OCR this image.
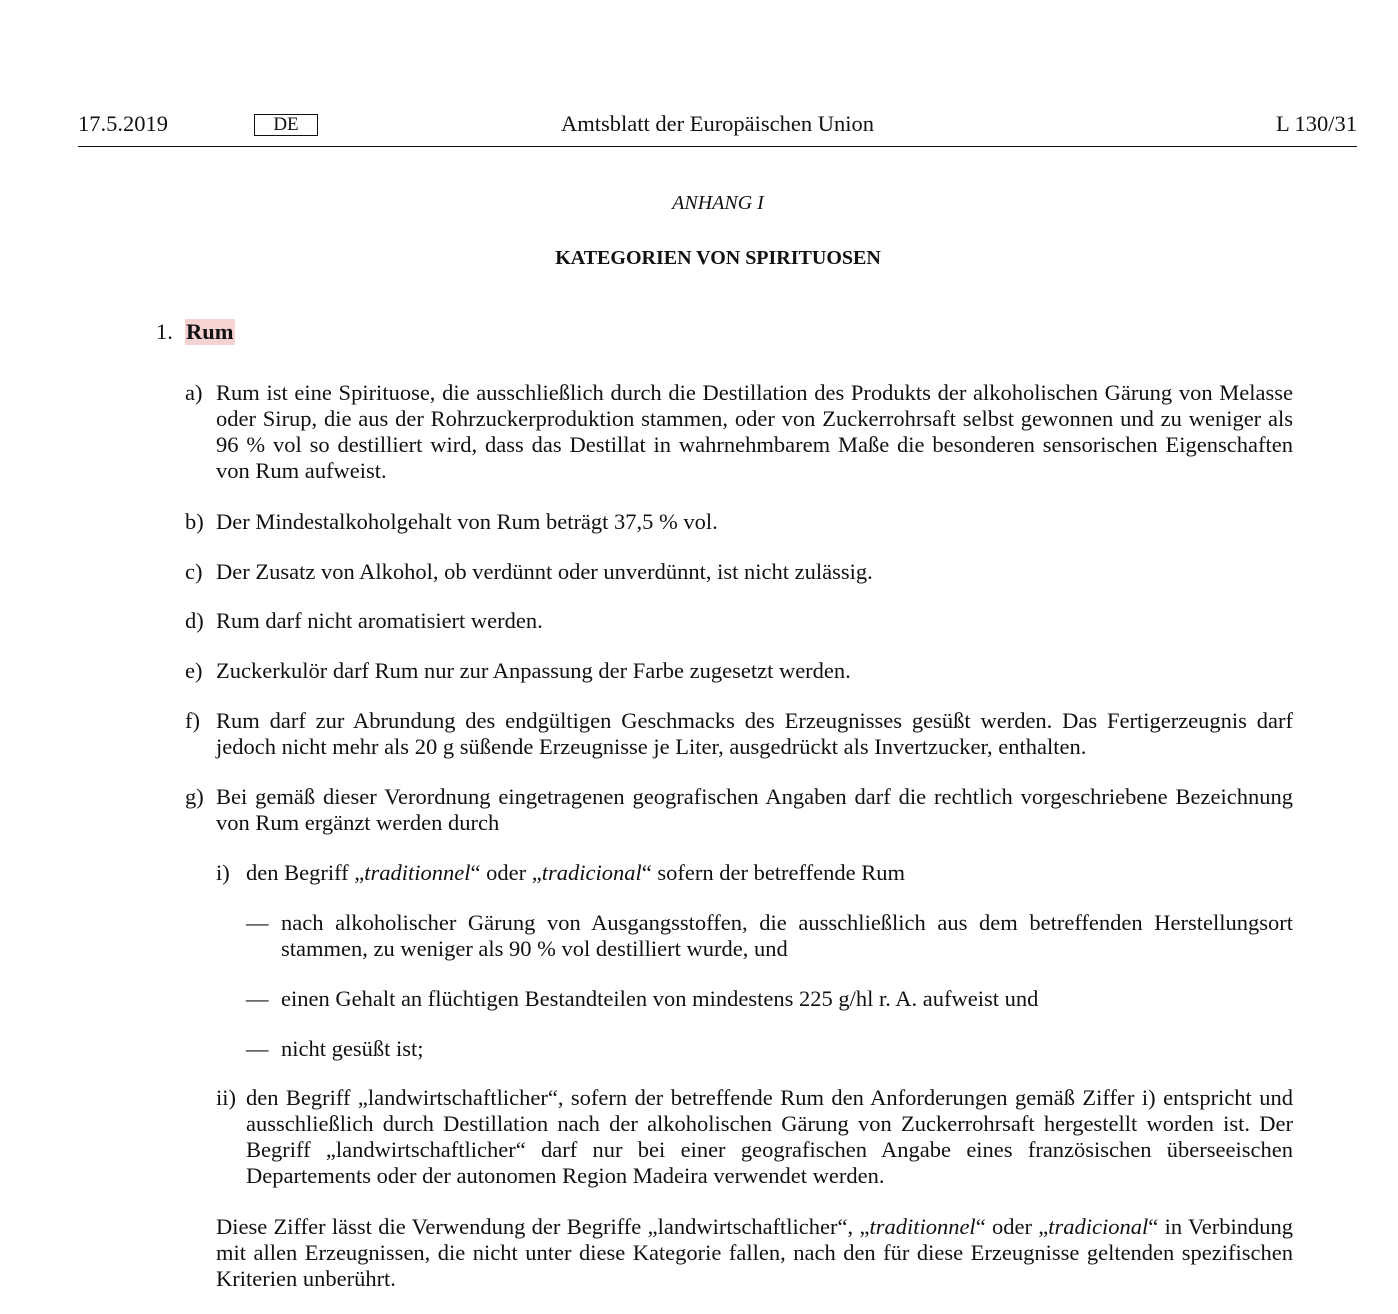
17.5.2019	DE	Amtsblatt der Europäischen Union	L 130/31
ANHANG I
KATEGORIEN VON SPIRITUOSEN
1. Rum
a) Rum ist eine Spirituose, die ausschließlich durch die Destillation des Produkts der alkoholischen Gärung von Melasse oder Sirup, die aus der Rohrzuckerproduktion stammen, oder von Zuckerrohrsaft selbst gewonnen und zu weniger als 96 % vol so destilliert wird, dass das Destillat in wahrnehmbarem Maße die besonderen sensorischen Eigenschaften von Rum aufweist.
b) Der Mindestalkoholgehalt von Rum beträgt 37,5 % vol.
c) Der Zusatz von Alkohol, ob verdünnt oder unverdünnt, ist nicht zulässig.
d) Rum darf nicht aromatisiert werden.
e) Zuckerkulör darf Rum nur zur Anpassung der Farbe zugesetzt werden.
f) Rum darf zur Abrundung des endgültigen Geschmacks des Erzeugnisses gesüßt werden. Das Fertigerzeugnis darf jedoch nicht mehr als 20 g süßende Erzeugnisse je Liter, ausgedrückt als Invertzucker, enthalten.
g) Bei gemäß dieser Verordnung eingetragenen geografischen Angaben darf die rechtlich vorgeschriebene Bezeichnung von Rum ergänzt werden durch
i) den Begriff „traditionnel“ oder „tradicional“ sofern der betreffende Rum
— nach alkoholischer Gärung von Ausgangsstoffen, die ausschließlich aus dem betreffenden Herstellungsort stammen, zu weniger als 90 % vol destilliert wurde, und
— einen Gehalt an flüchtigen Bestandteilen von mindestens 225 g/hl r. A. aufweist und
— nicht gesüßt ist;
ii) den Begriff „landwirtschaftlicher“, sofern der betreffende Rum den Anforderungen gemäß Ziffer i) entspricht und ausschließlich durch Destillation nach der alkoholischen Gärung von Zuckerrohrsaft hergestellt worden ist. Der Begriff „landwirtschaftlicher“ darf nur bei einer geografischen Angabe eines französischen überseeischen Departements oder der autonomen Region Madeira verwendet werden.
Diese Ziffer lässt die Verwendung der Begriffe „landwirtschaftlicher“, „traditionnel“ oder „tradicional“ in Verbindung mit allen Erzeugnissen, die nicht unter diese Kategorie fallen, nach den für diese Erzeugnisse geltenden spezifischen Kriterien unberührt.
